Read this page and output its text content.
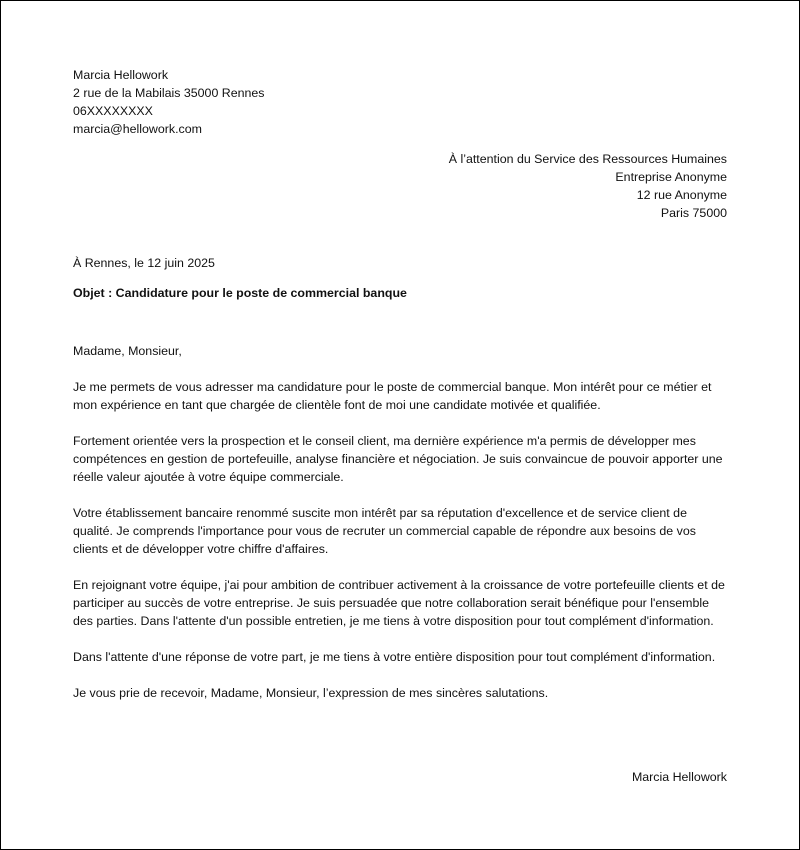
Marcia Hellowork
2 rue de la Mabilais 35000 Rennes
06XXXXXXXX
marcia@hellowork.com
À l’attention du Service des Ressources Humaines
Entreprise Anonyme
12 rue Anonyme
Paris 75000
À Rennes, le 12 juin 2025
Objet : Candidature pour le poste de commercial banque

Madame, Monsieur,

Je me permets de vous adresser ma candidature pour le poste de commercial banque. Mon intérêt pour ce métier et mon expérience en tant que chargée de clientèle font de moi une candidate motivée et qualifiée.

Fortement orientée vers la prospection et le conseil client, ma dernière expérience m'a permis de développer mes compétences en gestion de portefeuille, analyse financière et négociation. Je suis convaincue de pouvoir apporter une réelle valeur ajoutée à votre équipe commerciale.

Votre établissement bancaire renommé suscite mon intérêt par sa réputation d'excellence et de service client de qualité. Je comprends l'importance pour vous de recruter un commercial capable de répondre aux besoins de vos clients et de développer votre chiffre d'affaires.

En rejoignant votre équipe, j'ai pour ambition de contribuer activement à la croissance de votre portefeuille clients et de participer au succès de votre entreprise. Je suis persuadée que notre collaboration serait bénéfique pour l'ensemble des parties. Dans l'attente d'un possible entretien, je me tiens à votre disposition pour tout complément d'information.

Dans l'attente d'une réponse de votre part, je me tiens à votre entière disposition pour tout complément d'information.

Je vous prie de recevoir, Madame, Monsieur, l’expression de mes sincères salutations.

Marcia Hellowork
